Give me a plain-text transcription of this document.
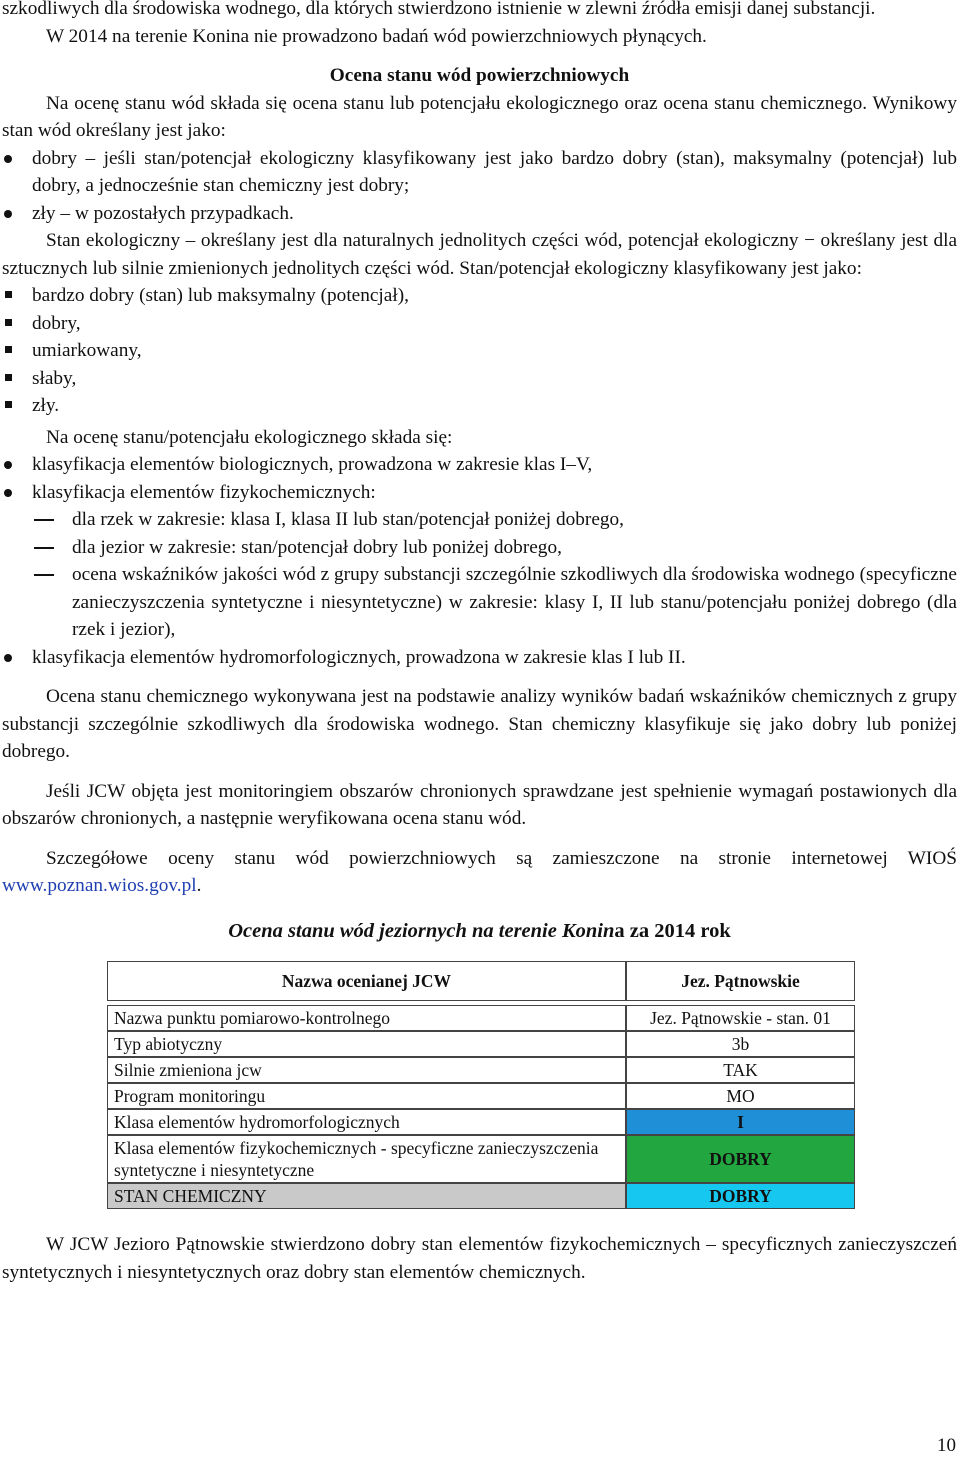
szkodliwych dla środowiska wodnego, dla których stwierdzono istnienie w zlewni źródła emisji danej substancji.

W 2014 na terenie Konina nie prowadzono badań wód powierzchniowych płynących.

Ocena stanu wód powierzchniowych

Na ocenę stanu wód składa się ocena stanu lub potencjału ekologicznego oraz ocena stanu chemicznego. Wynikowy stan wód określany jest jako:

dobry – jeśli stan/potencjał ekologiczny klasyfikowany jest jako bardzo dobry (stan), maksymalny (potencjał) lub dobry, a jednocześnie stan chemiczny jest dobry;
zły – w pozostałych przypadkach.

Stan ekologiczny – określany jest dla naturalnych jednolitych części wód, potencjał ekologiczny − określany jest dla sztucznych lub silnie zmienionych jednolitych części wód. Stan/potencjał ekologiczny klasyfikowany jest jako:

bardzo dobry (stan) lub maksymalny (potencjał),
dobry,
umiarkowany,
słaby,
zły.

Na ocenę stanu/potencjału ekologicznego składa się:

klasyfikacja elementów biologicznych, prowadzona w zakresie klas I–V,
klasyfikacja elementów fizykochemicznych:
dla rzek w zakresie: klasa I, klasa II lub stan/potencjał poniżej dobrego,
dla jezior w zakresie: stan/potencjał dobry lub poniżej dobrego,
ocena wskaźników jakości wód z grupy substancji szczególnie szkodliwych dla środowiska wodnego (specyficzne zanieczyszczenia syntetyczne i niesyntetyczne) w zakresie: klasy I, II lub stanu/potencjału poniżej dobrego (dla rzek i jezior),
klasyfikacja elementów hydromorfologicznych, prowadzona w zakresie klas I lub II.

Ocena stanu chemicznego wykonywana jest na podstawie analizy wyników badań wskaźników chemicznych z grupy substancji szczególnie szkodliwych dla środowiska wodnego. Stan chemiczny klasyfikuje się jako dobry lub poniżej dobrego.

Jeśli JCW objęta jest monitoringiem obszarów chronionych sprawdzane jest spełnienie wymagań postawionych dla obszarów chronionych, a następnie weryfikowana ocena stanu wód.

Szczegółowe oceny stanu wód powierzchniowych są zamieszczone na stronie internetowej WIOŚ www.poznan.wios.gov.pl.

Ocena stanu wód jeziornych na terenie Konina za 2014 rok

Nazwa ocenianej JCW	Jez. Pątnowskie

Nazwa punktu pomiarowo-kontrolnego	Jez. Pątnowskie - stan. 01
Typ abiotyczny	3b
Silnie zmieniona jcw	TAK
Program monitoringu	MO
Klasa elementów hydromorfologicznych	I
Klasa elementów fizykochemicznych - specyficzne zanieczyszczenia syntetyczne i niesyntetyczne	DOBRY
STAN CHEMICZNY	DOBRY

W JCW Jezioro Pątnowskie stwierdzono dobry stan elementów fizykochemicznych – specyficznych zanieczyszczeń syntetycznych i niesyntetycznych oraz dobry stan elementów chemicznych.

10
